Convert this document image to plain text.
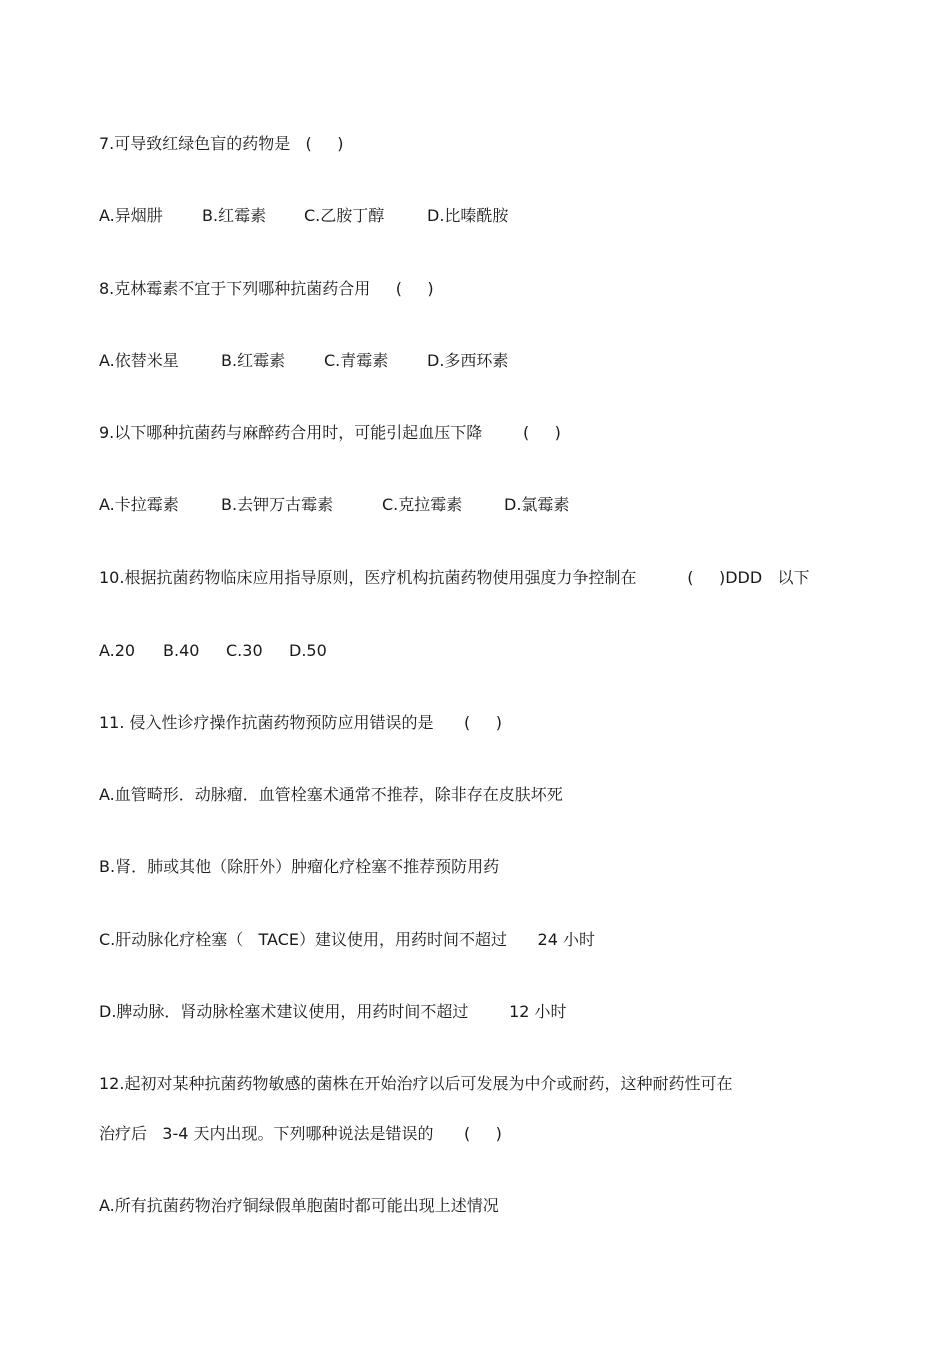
7.可导致红绿色盲的药物是   (     )
A.异烟肼 B.红霉素 C.乙胺丁醇	D.比嗪酰胺
8.克林霉素不宜于下列哪种抗菌药合用     (     )
A.依替米星	B.红霉素 C.青霉素 D.多西环素
9.以下哪种抗菌药与麻醉药合用时，可能引起血压下降        (     )
A.卡拉霉素	B.去钾万古霉素	C.克拉霉素	D.氯霉素
10.根据抗菌药物临床应用指导原则，医疗机构抗菌药物使用强度力争控制在          (     )DDD   以下
A.20 B.40 C.30 D.50
11. 侵入性诊疗操作抗菌药物预防应用错误的是      (     )
A.血管畸形．动脉瘤．血管栓塞术通常不推荐，除非存在皮肤坏死
B.肾．肺或其他（除肝外）肿瘤化疗栓塞不推荐预防用药
C.肝动脉化疗栓塞（   TACE）建议使用，用药时间不超过      24 小时
D.脾动脉．肾动脉栓塞术建议使用，用药时间不超过        12 小时
12.起初对某种抗菌药物敏感的菌株在开始治疗以后可发展为中介或耐药，这种耐药性可在
治疗后   3-4 天内出现。下列哪种说法是错误的      (     )
A.所有抗菌药物治疗铜绿假单胞菌时都可能出现上述情况
